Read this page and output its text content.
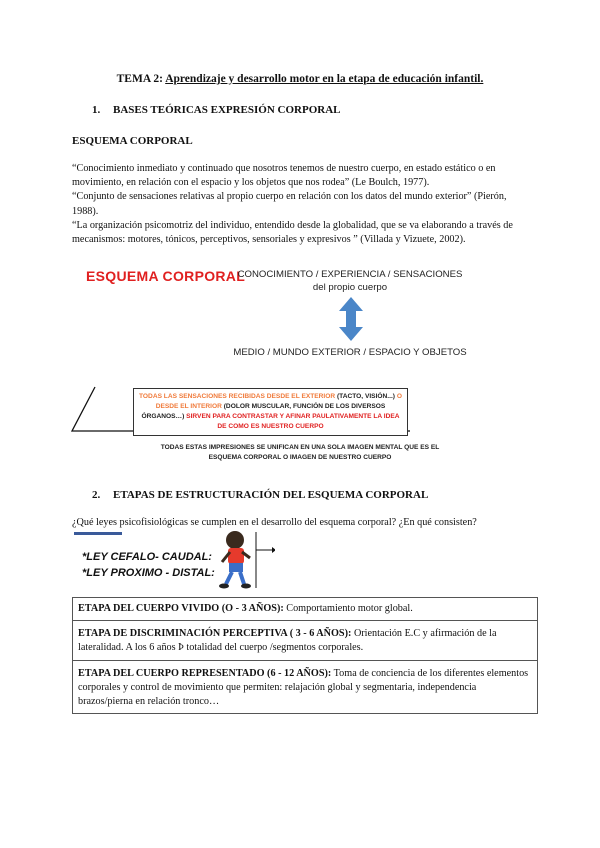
TEMA 2: Aprendizaje y desarrollo motor en la etapa de educación infantil.
1. BASES TEÓRICAS EXPRESIÓN CORPORAL
ESQUEMA CORPORAL
“Conocimiento inmediato y continuado que nosotros tenemos de nuestro cuerpo, en estado estático o en movimiento, en relación con el espacio y los objetos que nos rodea” (Le Boulch, 1977).
“Conjunto de sensaciones relativas al propio cuerpo en relación con los datos del mundo exterior” (Pierón, 1988).
“La organización psicomotriz del individuo, entendido desde la globalidad, que se va elaborando a través de mecanismos: motores, tónicos, perceptivos, sensoriales y expresivos ” (Villada y Vizuete, 2002).
ESQUEMA CORPORAL
CONOCIMIENTO / EXPERIENCIA / SENSACIONES
del propio cuerpo
MEDIO / MUNDO EXTERIOR / ESPACIO Y OBJETOS
TODAS LAS SENSACIONES RECIBIDAS DESDE EL EXTERIOR (TACTO, VISIÓN...) O DESDE EL INTERIOR (DOLOR MUSCULAR, FUNCIÓN DE LOS DIVERSOS ÓRGANOS…) SIRVEN PARA CONTRASTAR Y AFINAR PAULATIVAMENTE LA IDEA DE COMO ES NUESTRO CUERPO
TODAS ESTAS IMPRESIONES SE UNIFICAN EN UNA SOLA IMAGEN MENTAL QUE ES EL ESQUEMA CORPORAL O IMAGEN DE NUESTRO CUERPO
2. ETAPAS DE ESTRUCTURACIÓN DEL ESQUEMA CORPORAL
¿Qué leyes psicofisiológicas se cumplen en el desarrollo del esquema corporal? ¿En qué consisten?
*LEY CEFALO- CAUDAL:
*LEY PROXIMO - DISTAL:
ETAPA DEL CUERPO VIVIDO (O - 3 AÑOS): Comportamiento motor global.
ETAPA DE DISCRIMINACIÓN PERCEPTIVA ( 3 - 6 AÑOS): Orientación E.C y afirmación de la lateralidad. A los 6 años Þ totalidad del cuerpo /segmentos corporales.
ETAPA DEL CUERPO REPRESENTADO (6 - 12 AÑOS): Toma de conciencia de los diferentes elementos corporales y control de movimiento que permiten: relajación global y segmentaria, independencia brazos/pierna en relación tronco…
